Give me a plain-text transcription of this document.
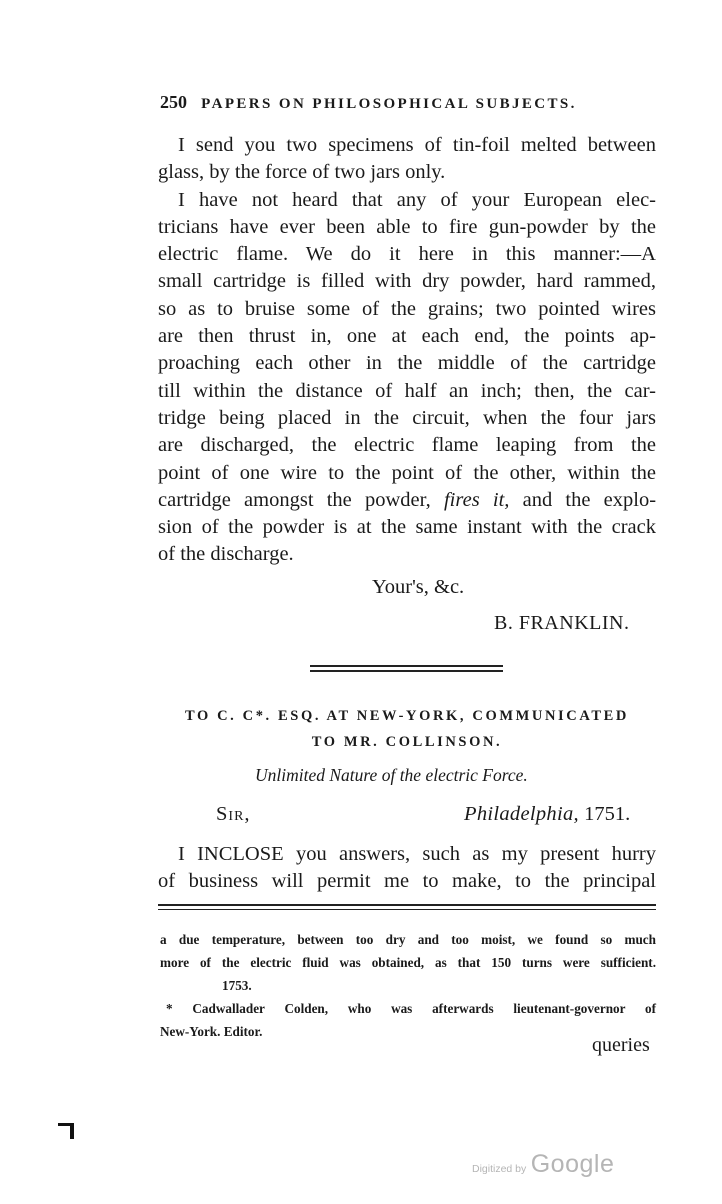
250 PAPERS ON PHILOSOPHICAL SUBJECTS.
I send you two specimens of tin-foil melted between
glass, by the force of two jars only.
I have not heard that any of your European elec-
tricians have ever been able to fire gun-powder by the
electric flame. We do it here in this manner:—A
small cartridge is filled with dry powder, hard rammed,
so as to bruise some of the grains; two pointed wires
are then thrust in, one at each end, the points ap-
proaching each other in the middle of the cartridge
till within the distance of half an inch; then, the car-
tridge being placed in the circuit, when the four jars
are discharged, the electric flame leaping from the
point of one wire to the point of the other, within the
cartridge amongst the powder, fires it, and the explo-
sion of the powder is at the same instant with the crack
of the discharge.
Your's, &c.
B. FRANKLIN.
TO C. C*. ESQ. AT NEW-YORK, COMMUNICATED
TO MR. COLLINSON.
Unlimited Nature of the electric Force.
Sir,	Philadelphia, 1751.
I INCLOSE you answers, such as my present hurry
of business will permit me to make, to the principal
a due temperature, between too dry and too moist, we found so much
more of the electric fluid was obtained, as that 150 turns were sufficient.
1753.
* Cadwallader Colden, who was afterwards lieutenant-governor of
New-York. Editor.
queries
Digitized by Google
